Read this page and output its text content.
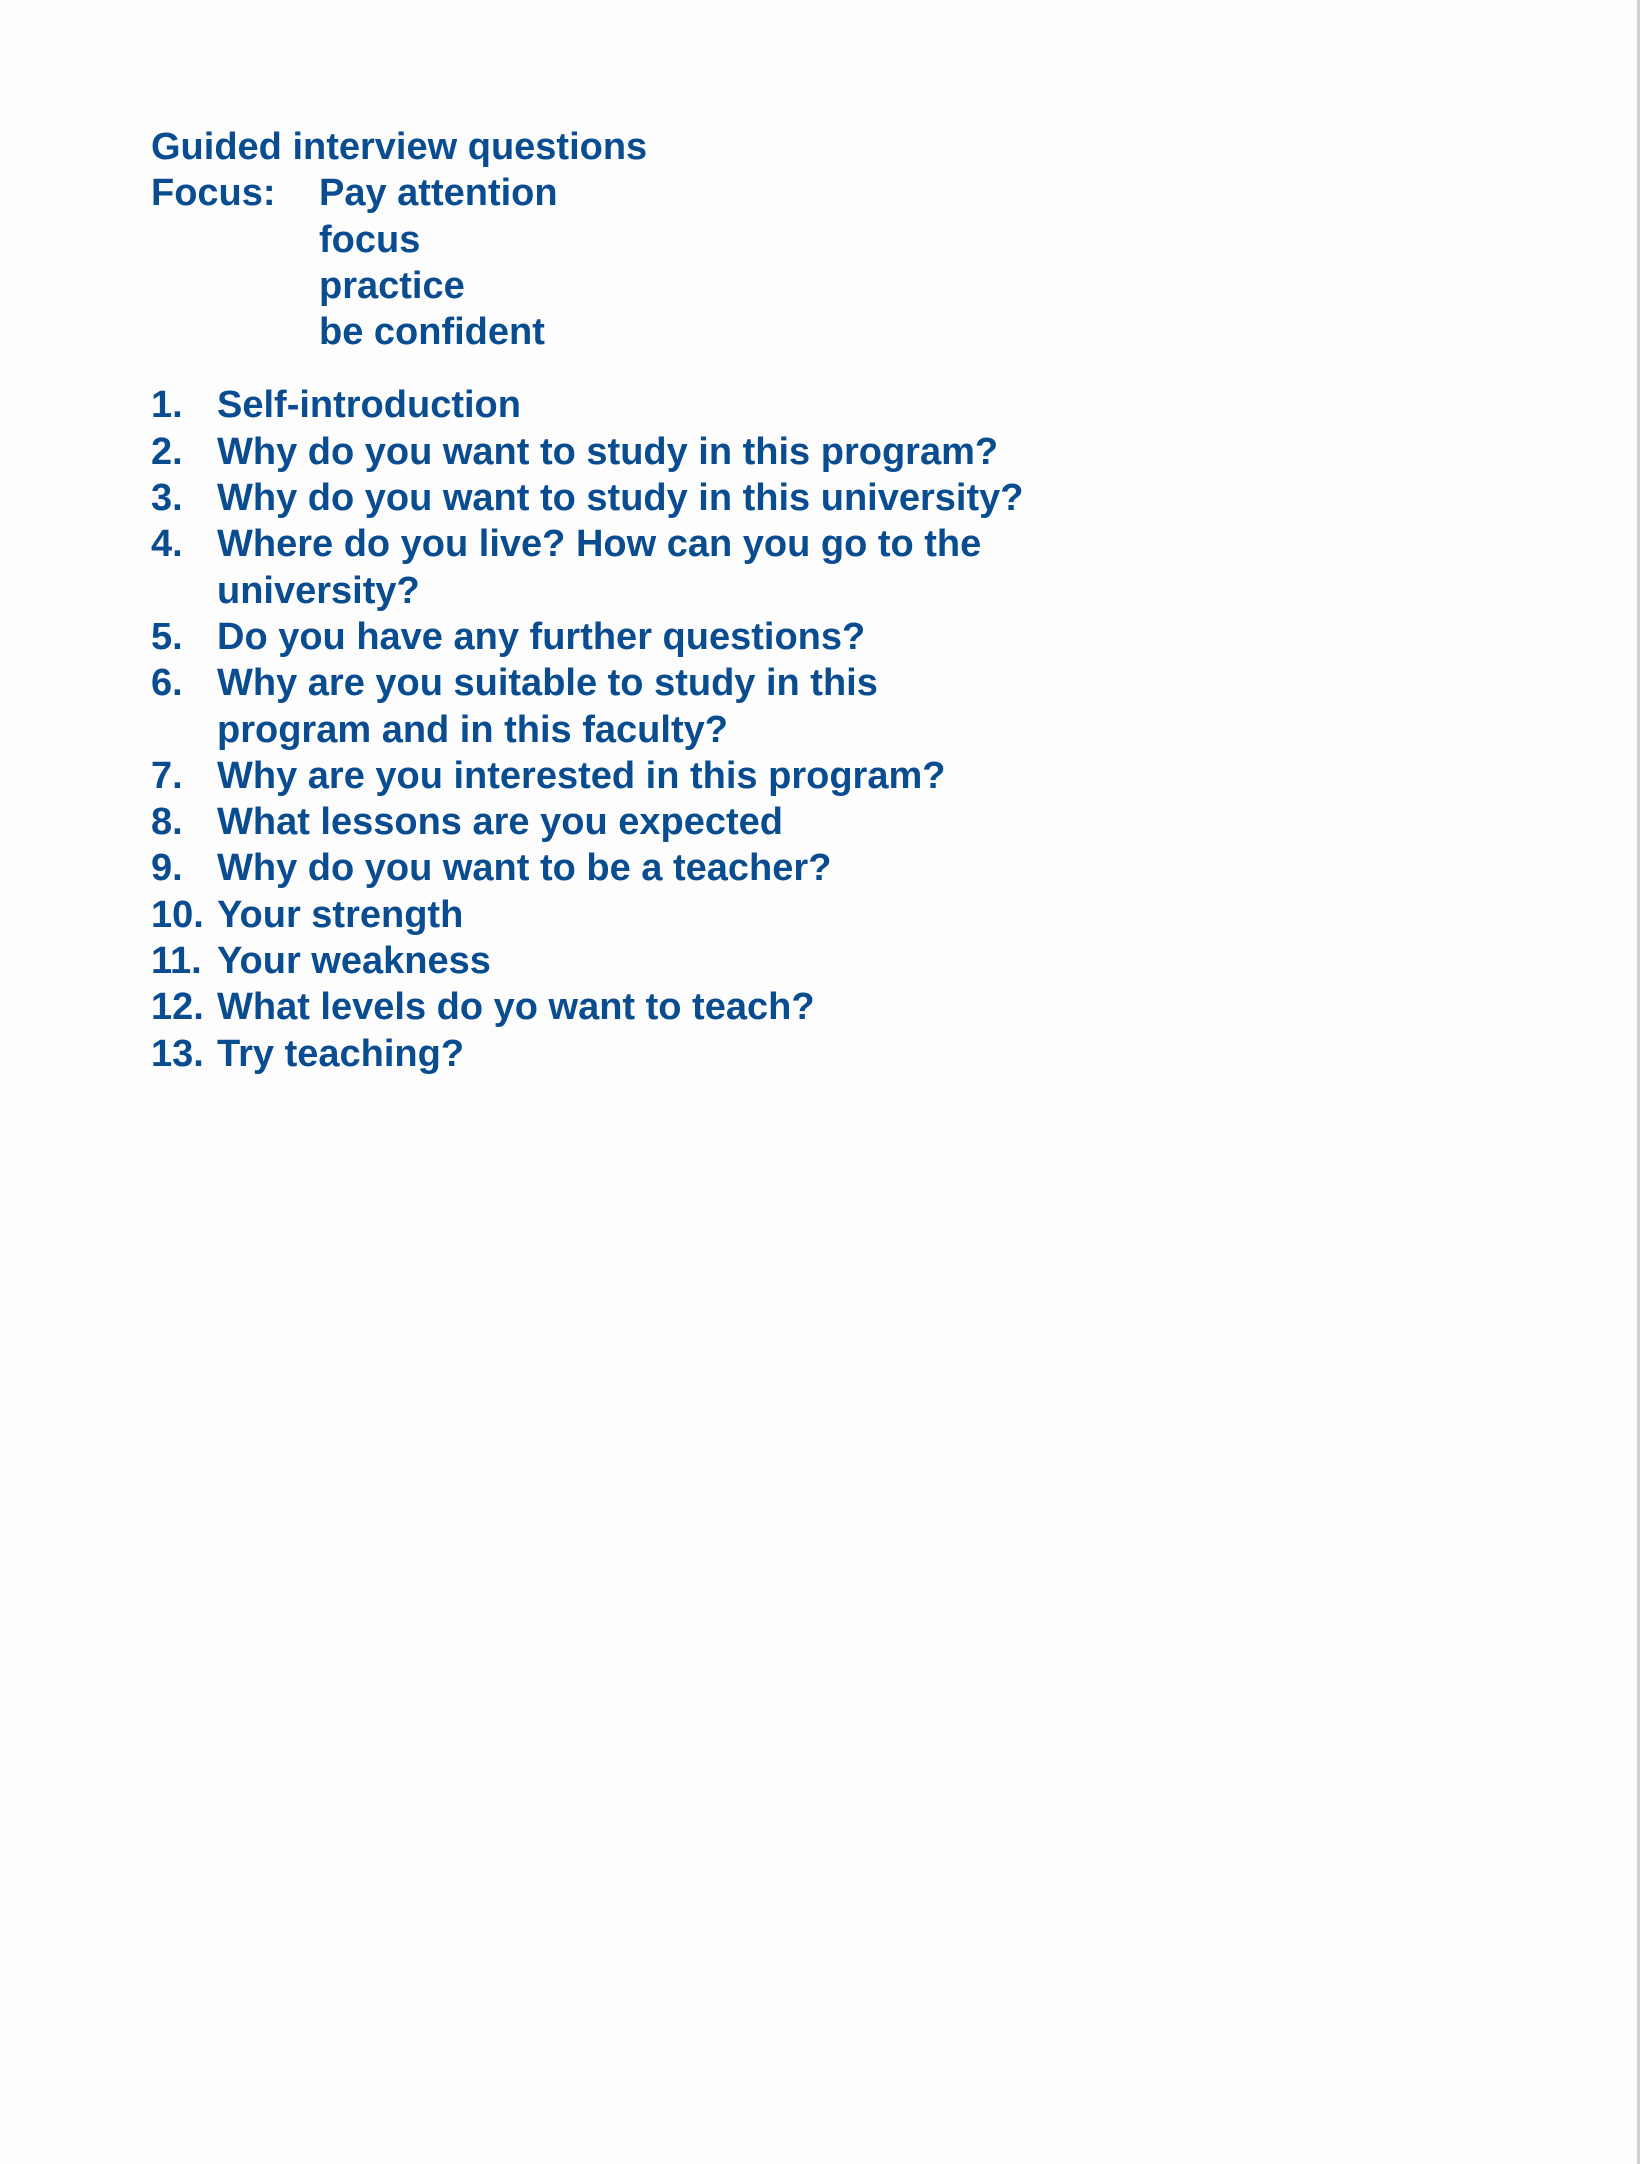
Guided interview questions
Focus:	Pay attention
focus
practice
be confident
1. Self-introduction
2. Why do you want to study in this program?
3. Why do you want to study in this university?
4. Where do you live? How can you go to the
university?
5. Do you have any further questions?
6. Why are you suitable to study in this
program and in this faculty?
7. Why are you interested in this program?
8. What lessons are you expected
9. Why do you want to be a teacher?
10. Your strength
11. Your weakness
12. What levels do yo want to teach?
13. Try teaching?
